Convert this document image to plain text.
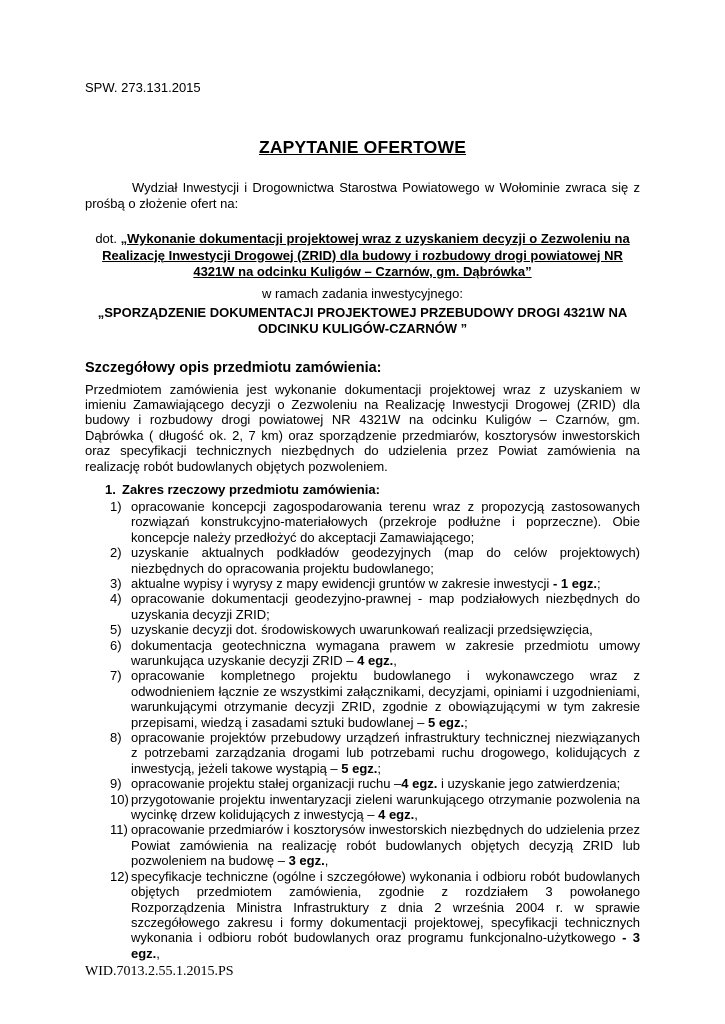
SPW. 273.131.2015
ZAPYTANIE OFERTOWE

Wydział Inwestycji i Drogownictwa Starostwa Powiatowego w Wołominie zwraca się z prośbą o złożenie ofert na:

dot. „Wykonanie dokumentacji projektowej wraz z uzyskaniem decyzji o Zezwoleniu na Realizację Inwestycji Drogowej (ZRID) dla budowy i rozbudowy drogi powiatowej NR 4321W na odcinku Kuligów – Czarnów, gm. Dąbrówka”

w ramach zadania inwestycyjnego:

„SPORZĄDZENIE DOKUMENTACJI PROJEKTOWEJ PRZEBUDOWY DROGI 4321W NA ODCINKU KULIGÓW-CZARNÓW ”

Szczegółowy opis przedmiotu zamówienia:

Przedmiotem zamówienia jest wykonanie dokumentacji projektowej wraz z uzyskaniem w imieniu Zamawiającego decyzji o Zezwoleniu na Realizację Inwestycji Drogowej (ZRID) dla budowy i rozbudowy drogi powiatowej NR 4321W na odcinku Kuligów – Czarnów, gm. Dąbrówka ( długość ok. 2, 7 km) oraz sporządzenie przedmiarów, kosztorysów inwestorskich oraz specyfikacji technicznych niezbędnych do udzielenia przez Powiat zamówienia na realizację robót budowlanych objętych pozwoleniem.

1. Zakres rzeczowy przedmiotu zamówienia:
1) opracowanie koncepcji zagospodarowania terenu wraz z propozycją zastosowanych rozwiązań konstrukcyjno-materiałowych (przekroje podłużne i poprzeczne). Obie koncepcje należy przedłożyć do akceptacji Zamawiającego;
2) uzyskanie aktualnych podkładów geodezyjnych (map do celów projektowych) niezbędnych do opracowania projektu budowlanego;
3) aktualne wypisy i wyrysy z mapy ewidencji gruntów w zakresie inwestycji - 1 egz.;
4) opracowanie dokumentacji geodezyjno-prawnej - map podziałowych niezbędnych do uzyskania decyzji ZRID;
5) uzyskanie decyzji dot. środowiskowych uwarunkowań realizacji przedsięwzięcia,
6) dokumentacja geotechniczna wymagana prawem w zakresie przedmiotu umowy warunkująca uzyskanie decyzji ZRID – 4 egz.,
7) opracowanie kompletnego projektu budowlanego i wykonawczego wraz z odwodnieniem łącznie ze wszystkimi załącznikami, decyzjami, opiniami i uzgodnieniami, warunkującymi otrzymanie decyzji ZRID, zgodnie z obowiązującymi w tym zakresie przepisami, wiedzą i zasadami sztuki budowlanej – 5 egz.;
8) opracowanie projektów przebudowy urządzeń infrastruktury technicznej niezwiązanych z potrzebami zarządzania drogami lub potrzebami ruchu drogowego, kolidujących z inwestycją, jeżeli takowe wystąpią – 5 egz.;
9) opracowanie projektu stałej organizacji ruchu –4 egz. i uzyskanie jego zatwierdzenia;
10) przygotowanie projektu inwentaryzacji zieleni warunkującego otrzymanie pozwolenia na wycinkę drzew kolidujących z inwestycją – 4 egz.,
11) opracowanie przedmiarów i kosztorysów inwestorskich niezbędnych do udzielenia przez Powiat zamówienia na realizację robót budowlanych objętych decyzją ZRID lub pozwoleniem na budowę – 3 egz.,
12) specyfikacje techniczne (ogólne i szczegółowe) wykonania i odbioru robót budowlanych objętych przedmiotem zamówienia, zgodnie z rozdziałem 3 powołanego Rozporządzenia Ministra Infrastruktury z dnia 2 września 2004 r. w sprawie szczegółowego zakresu i formy dokumentacji projektowej, specyfikacji technicznych wykonania i odbioru robót budowlanych oraz programu funkcjonalno-użytkowego - 3 egz.,
WID.7013.2.55.1.2015.PS
